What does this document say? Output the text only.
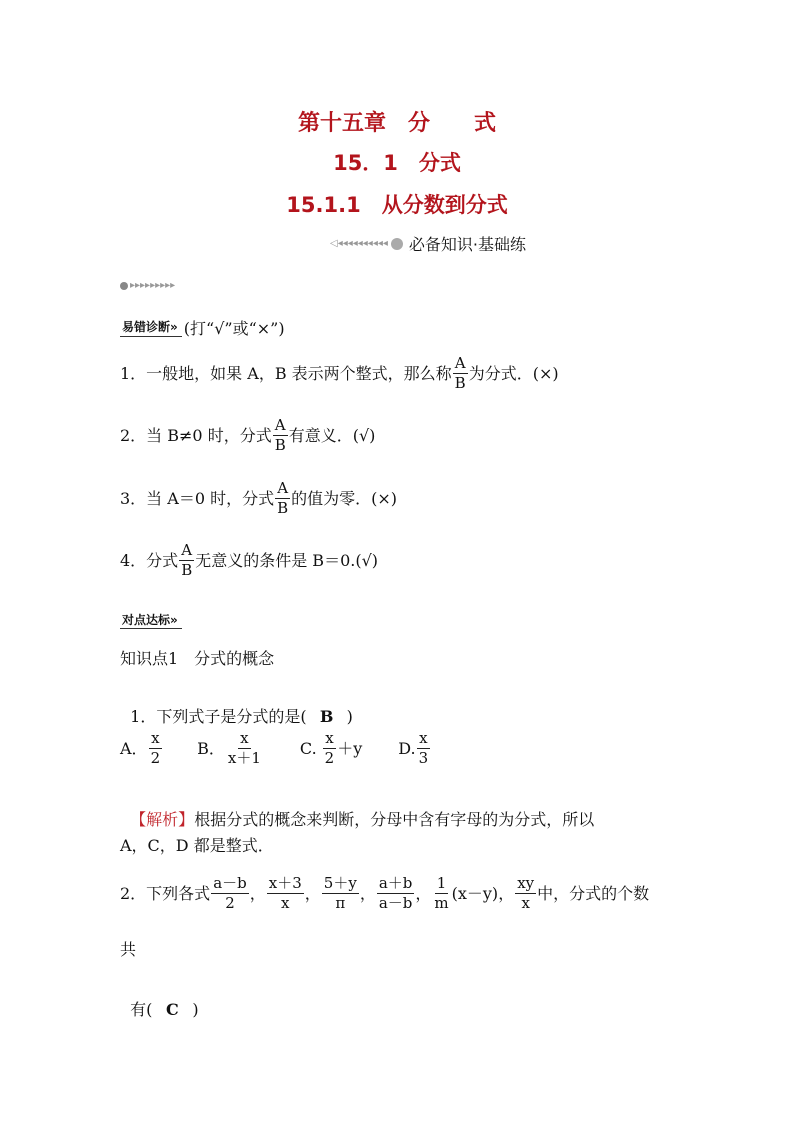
第十五章　分　　式
15．1　分式
15.1.1　从分数到分式
◁◂◂◂◂◂◂◂◂◂◂ 必备知识·基础练
▸▸▸▸▸▸▸▸▸
易错诊断» (打“√”或“×”)
1．一般地，如果 A，B 表示两个整式，那么称 $\frac{A}{B}$ 为分式．(×)
2．当 B≠0 时，分式 $\frac{A}{B}$ 有意义．(√)
3．当 A＝0 时，分式 $\frac{A}{B}$ 的值为零．(×)
4．分式 $\frac{A}{B}$ 无意义的条件是 B＝0.(√)
对点达标»
知识点1　分式的概念

1．下列式子是分式的是( B )

A． $\frac{x}{2}$ B． $\frac{x}{x+1} C$. $\frac{x}{2} +y$ D. $\frac{x}{3}$

【解析】根据分式的概念来判断，分母中含有字母的为分式，所以

A，C，D 都是整式．
2．下列各式 $\frac{a-b}{2}$ ， $\frac{x+3}{x}$ ， $\frac{5+y}{\pi}$ ， $\frac{a+b}{a-b}$ ， $\frac{1}{m} (x-y)$ ， $\frac{xy}{x}$ 中，分式的个数
共

有( C )
